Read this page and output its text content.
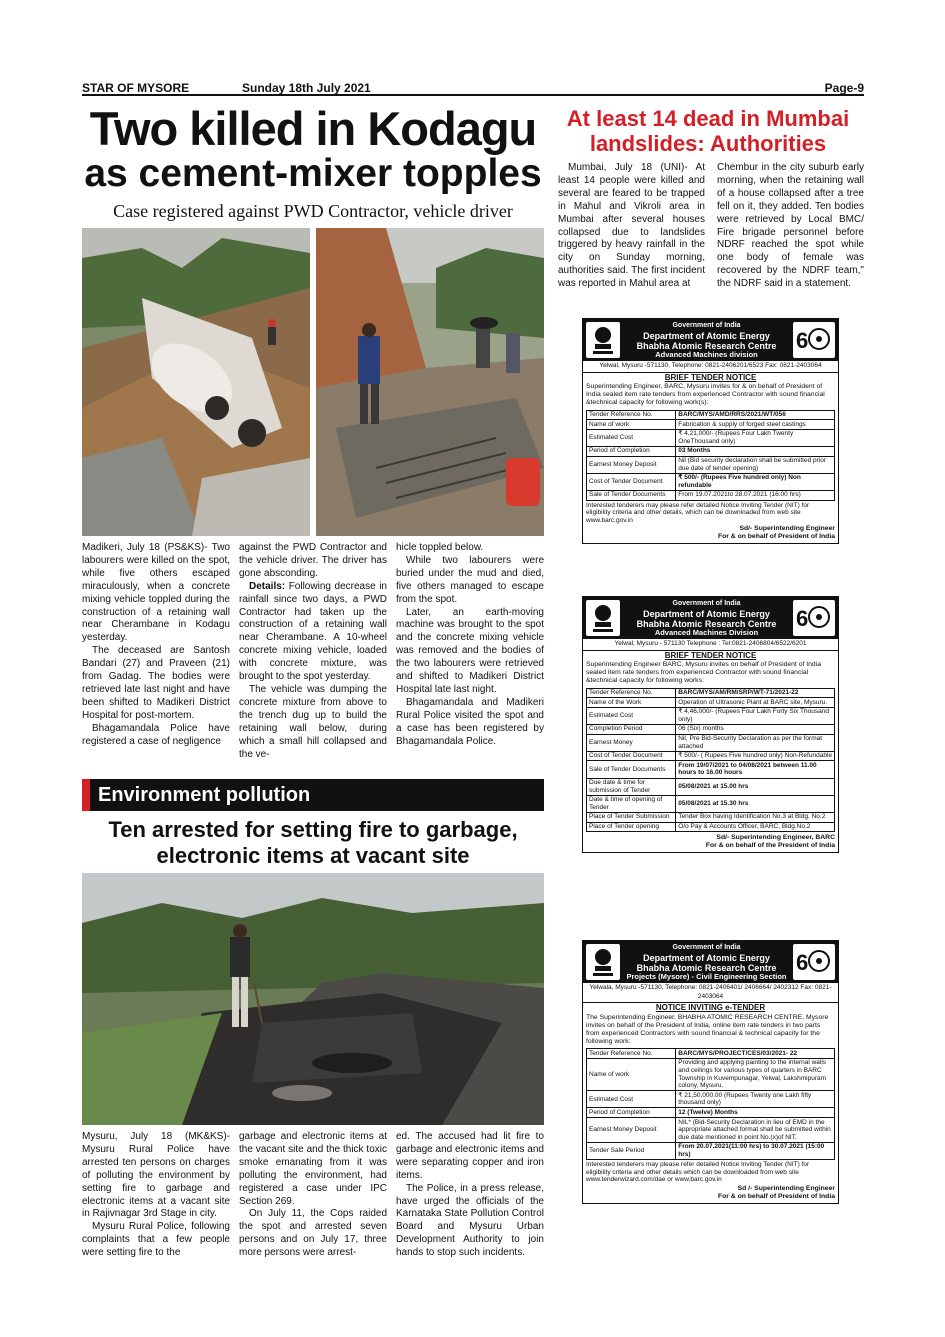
STAR OF MYSORE	Sunday 18th July 2021	Page-9
Two killed in Kodagu
as cement-mixer topples
Case registered against PWD Contractor, vehicle driver

Madikeri, July 18 (PS&KS)- Two labourers were killed on the spot, while five others escaped miraculously, when a concrete mixing vehicle toppled during the construction of a retaining wall near Cherambane in Kodagu yesterday.

The deceased are Santosh Bandari (27) and Praveen (21) from Gadag. The bodies were retrieved late last night and have been shifted to Madikeri District Hospital for post-mortem.

Bhagamandala Police have registered a case of negligence

against the PWD Contractor and the vehicle driver. The driver has gone absconding.

Details: Following decrease in rainfall since two days, a PWD Contractor had taken up the construction of a retaining wall near Cherambane. A 10-wheel concrete mixing vehicle, loaded with concrete mixture, was brought to the spot yesterday.

The vehicle was dumping the concrete mixture from above to the trench dug up to build the retaining wall below, during which a small hill collapsed and the ve-

hicle toppled below.

While two labourers were buried under the mud and died, five others managed to escape from the spot.

Later, an earth-moving machine was brought to the spot and the concrete mixing vehicle was removed and the bodies of the two labourers were retrieved and shifted to Madikeri District Hospital late last night.

Bhagamandala and Madikeri Rural Police visited the spot and a case has been registered by Bhagamandala Police.

At least 14 dead in Mumbai landslides: Authorities

Mumbai, July 18 (UNI)- At least 14 people were killed and several are feared to be trapped in Mahul and Vikroli area in Mumbai after several houses collapsed due to landslides triggered by heavy rainfall in the city on Sunday morning, authorities said. The first incident was reported in Mahul area at

Chembur in the city suburb early morning, when the retaining wall of a house collapsed after a tree fell on it, they added. Ten bodies were retrieved by Local BMC/ Fire brigade personnel before NDRF reached the spot while one body of female was recovered by the NDRF team," the NDRF said in a statement.

Environment pollution
Ten arrested for setting fire to garbage, electronic items at vacant site

Mysuru, July 18 (MK&KS)- Mysuru Rural Police have arrested ten persons on charges of polluting the environment by setting fire to garbage and electronic items at a vacant site in Rajivnagar 3rd Stage in city.

Mysuru Rural Police, following complaints that a few people were setting fire to the

garbage and electronic items at the vacant site and the thick toxic smoke emanating from it was polluting the environment, had registered a case under IPC Section 269.

On July 11, the Cops raided the spot and arrested seven persons and on July 17, three more persons were arrest-

ed. The accused had lit fire to garbage and electronic items and were separating copper and iron items.

The Police, in a press release, have urged the officials of the Karnataka State Pollution Control Board and Mysuru Urban Development Authority to join hands to stop such incidents.

Government of India
Department of Atomic Energy
Bhabha Atomic Research Centre
Advanced Machines division
6
Yelwal, Mysuru -571130, Telephone: 0821-2406201/6523 Fax: 0821-2403064
BRIEF TENDER NOTICE
Superintending Engineer, BARC, Mysuru invites for & on behalf of President of India sealed item rate tenders from experienced Contractor with sound financial &technical capacity for following work(s):
Tender Reference No.	BARC/MYS/AMD/RRS/2021/WT/056
Name of work	Fabrication & supply of forged steel castings
Estimated Cost	₹ 4,21,000/- (Rupees Four Lakh Twenty OneThousand only)
Period of Completion	03 Months
Earnest Money Deposit	Nil (Bid security declaration shall be submitted prior due date of tender opening)
Cost of Tender Document	₹ 500/- (Rupees Five hundred only) Non refundable
Sale of Tender Documents	From 19.07.2021to 28.07.2021 (16:00 hrs)
Interested tenderers may please refer detailed Notice Inviting Tender (NIT) for eligibility criteria and other details, which can be downloaded from web site www.barc.gov.in
Sd/- Superintending Engineer
For & on behalf of President of India
Government of India
Department of Atomic Energy
Bhabha Atomic Research Centre
Advanced Machines Division
6
Yelwal, Mysuru - 571130 Telephone : Tel:0821-2406804/6522/6201
BRIEF TENDER NOTICE
Superintending Engineer BARC, Mysuru invites on behalf of President of India sealed item rate tenders from experienced Contractor with sound financial &technical capacity for following works:
Tender Reference No.	BARC/MYS/AM/RM/SRP/WT-71/2021-22
Name of the Work	Operation of Ultrasonic Plant at BARC site, Mysuru.
Estimated Cost	₹ 4,46,000/- (Rupees Four Lakh Forty Six Thousand only)
Completion Period	06 (Six) months
Earnest Money	Nil, Pre Bid-Security Declaration as per the format attached
Cost of Tender Document	₹ 500/- ( Rupees Five hundred only) Non-Refundable
Sale of Tender Documents	From 19/07/2021 to 04/08/2021 between 11.00 hours to 16.00 hours
Due date & time for submission of Tender	05/08/2021 at 15.00 hrs
Date & time of opening of Tender	05/08/2021 at 15.30 hrs
Place of Tender Submission	Tender Box having Identification No.3 at Bldg. No.2
Place of Tender opening	O/o Pay & Accounts Officer, BARC, Bldg.No.2
Sd/- Superintending Engineer, BARC
For & on behalf of the President of India
Government of India
Department of Atomic Energy
Bhabha Atomic Research Centre
Projects (Mysore) - Civil Engineering Section
6
Yelwala, Mysuru -571130, Telephone: 0821-2406401/ 2406664/ 2402312 Fax: 0821-2403064
NOTICE INVITING e-TENDER
The Superintending Engineer, BHABHA ATOMIC RESEARCH CENTRE, Mysore invites on behalf of the President of India, online item rate tenders in two parts from experienced Contractors with sound financial & technical capacity for the following work:
Tender Reference No.	BARC/MYS/PROJECT/CES/03/2021- 22
Name of work	Providing and applying painting to the internal walls and ceilings for various types of quarters in BARC Township in Kuvempunagar, Yelwal, Lakshmipuram colony, Mysuru.
Estimated Cost	₹ 21,50,000.00 (Rupees Twenty one Lakh fifty thousand only)
Period of Completion	12 (Twelve) Months
Earnest Money Deposit	NIL* (Bid-Security Declaration in lieu of EMD in the appropriate attached format shall be submitted within due date mentioned in point No.(x)of NIT.
Tender Sale Period	From 20.07.2021(11:00 hrs) to 30.07.2021 (15:00 hrs)
Interested tenderers may please refer detailed Notice Inviting Tender (NIT) for eligibility criteria and other details which can be downloaded from web site www.tenderwizard.com/dae or www.barc.gov.in
Sd /- Superintending Engineer
For & on behalf of President of India
